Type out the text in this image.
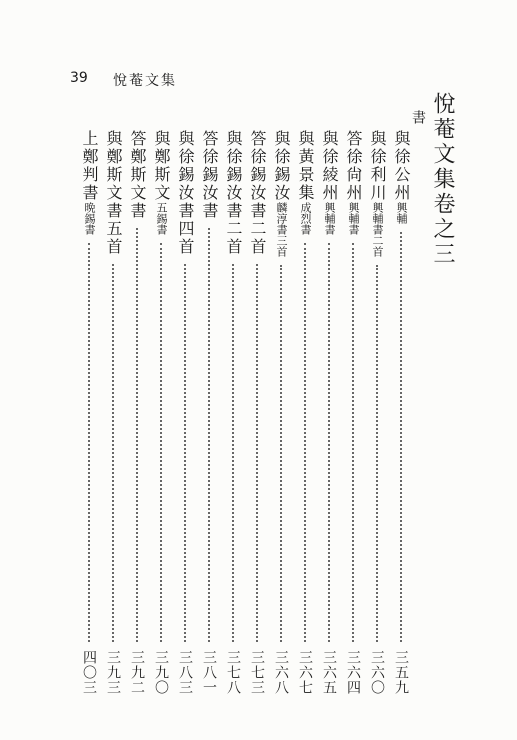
39 悅菴文集
悅菴文集卷之三
書
與徐公州興輔
三五九
與徐利川興輔書二首
三六〇
答徐尙州興輔書
三六四
與徐綾州興輔書
三六五
與黃景集成烈書
三六七
與徐錫汝麟淳書三首
三六八
答徐錫汝書二首
三七三
與徐錫汝書二首
三七八
答徐錫汝書
三八一
與徐錫汝書四首
三八三
與鄭斯文五錫書
三九〇
答鄭斯文書
三九二
與鄭斯文書五首
三九三
上鄭判書晩錫書
四〇三
